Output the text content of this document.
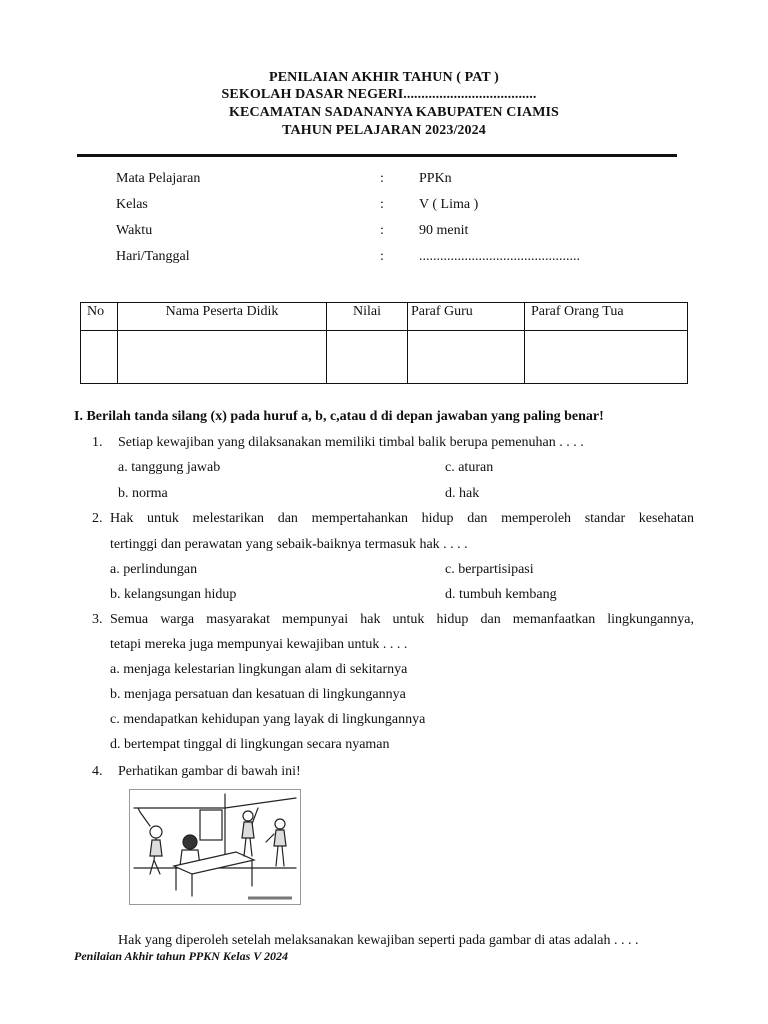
PENILAIAN AKHIR TAHUN ( PAT )
SEKOLAH DASAR NEGERI.....................................
KECAMATAN SADANANYA KABUPATEN CIAMIS
TAHUN PELAJARAN 2023/2024
Mata Pelajaran	:	PPKn
Kelas	:	V ( Lima )
Waktu	:	90 menit
Hari/Tanggal	:	..............................................
No	Nama Peserta Didik	Nilai	Paraf Guru	Paraf Orang Tua

I. Berilah tanda silang (x) pada huruf a, b, c,atau d di depan jawaban yang paling benar!
1. Setiap kewajiban yang dilaksanakan memiliki timbal balik berupa pemenuhan . . . .
a. tanggung jawab	c. aturan
b. norma	d. hak
2. Hak untuk melestarikan dan mempertahankan hidup dan memperoleh standar kesehatan
tertinggi dan perawatan yang sebaik-baiknya termasuk hak . . . .
a. perlindungan	c. berpartisipasi
b. kelangsungan hidup	d. tumbuh kembang
3. Semua warga masyarakat mempunyai hak untuk hidup dan memanfaatkan lingkungannya,
tetapi mereka juga mempunyai kewajiban untuk . . . .
a. menjaga kelestarian lingkungan alam di sekitarnya
b. menjaga persatuan dan kesatuan di lingkungannya
c. mendapatkan kehidupan yang layak di lingkungannya
d. bertempat tinggal di lingkungan secara nyaman
4. Perhatikan gambar di bawah ini!
Hak yang diperoleh setelah melaksanakan kewajiban seperti pada gambar di atas adalah . . . .
Penilaian Akhir tahun PPKN Kelas V 2024
